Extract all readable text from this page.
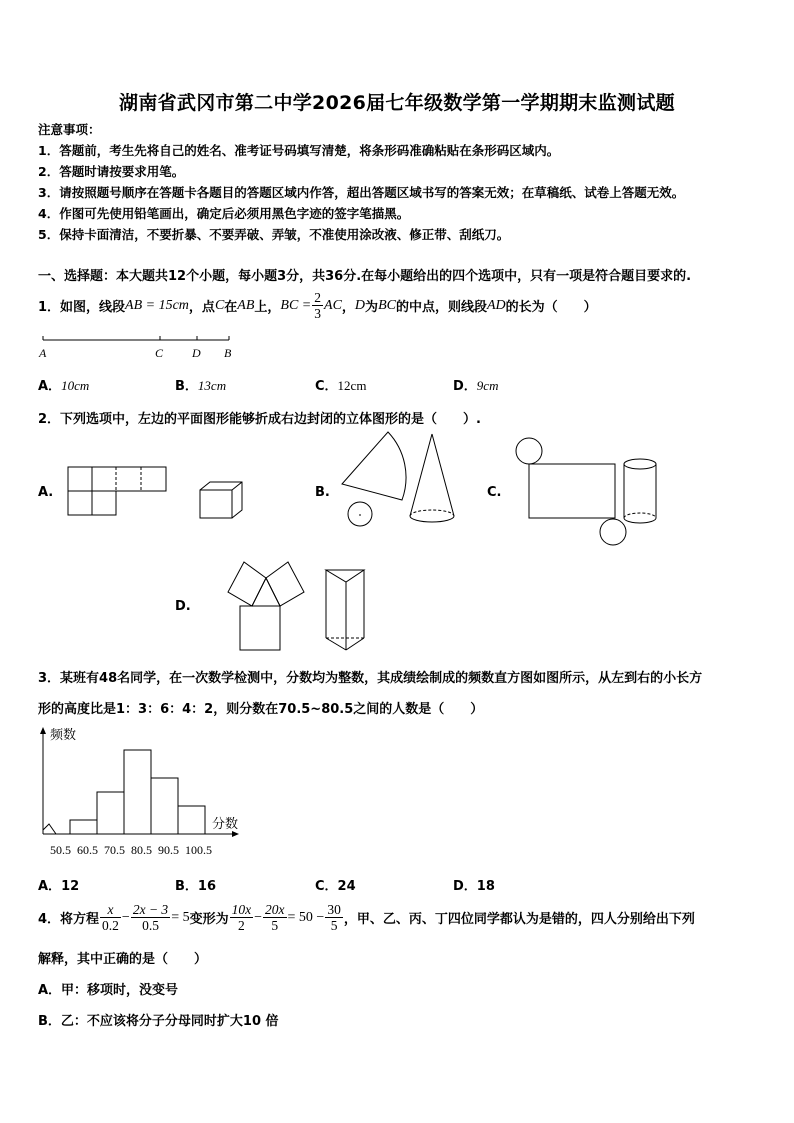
湖南省武冈市第二中学2026届七年级数学第一学期期末监测试题
注意事项：
1．答题前，考生先将自己的姓名、准考证号码填写清楚，将条形码准确粘贴在条形码区域内。
2．答题时请按要求用笔。
3．请按照题号顺序在答题卡各题目的答题区域内作答，超出答题区域书写的答案无效；在草稿纸、试卷上答题无效。
4．作图可先使用铅笔画出，确定后必须用黑色字迹的签字笔描黑。
5．保持卡面清洁，不要折暴、不要弄破、弄皱，不准使用涂改液、修正带、刮纸刀。
一、选择题：本大题共12个小题，每小题3分，共36分.在每小题给出的四个选项中，只有一项是符合题目要求的.
1．如图，线段 AB = 15cm ，点 C 在 AB 上， BC = $\frac{2}{3}$ AC ， D 为 BC 的中点，则线段 AD 的长为（　　）
A	C D B
A．10cm	B．13cm	C．12cm	D．9cm
2．下列选项中，左边的平面图形能够折成右边封闭的立体图形的是（　　）.
A.	B.	C.
D.
3．某班有48名同学，在一次数学检测中，分数均为整数，其成绩绘制成的频数直方图如图所示，从左到右的小长方
形的高度比是1：3：6：4：2，则分数在70.5~80.5之间的人数是（　　）
频数
分数
50.5 60.5 70.5 80.5 90.5 100.5
A．12	B．16	C．24	D．18
4．将方程 $\frac{x}{0.2} - \frac{2x - 3}{0.5} = 5$ 变形为 $\frac{10x}{2} - \frac{20x}{5} = 50 - \frac{30}{5}$ ，甲、乙、丙、丁四位同学都认为是错的，四人分别给出下列
解释，其中正确的是（　　）
A．甲：移项时，没变号
B．乙：不应该将分子分母同时扩大10 倍
